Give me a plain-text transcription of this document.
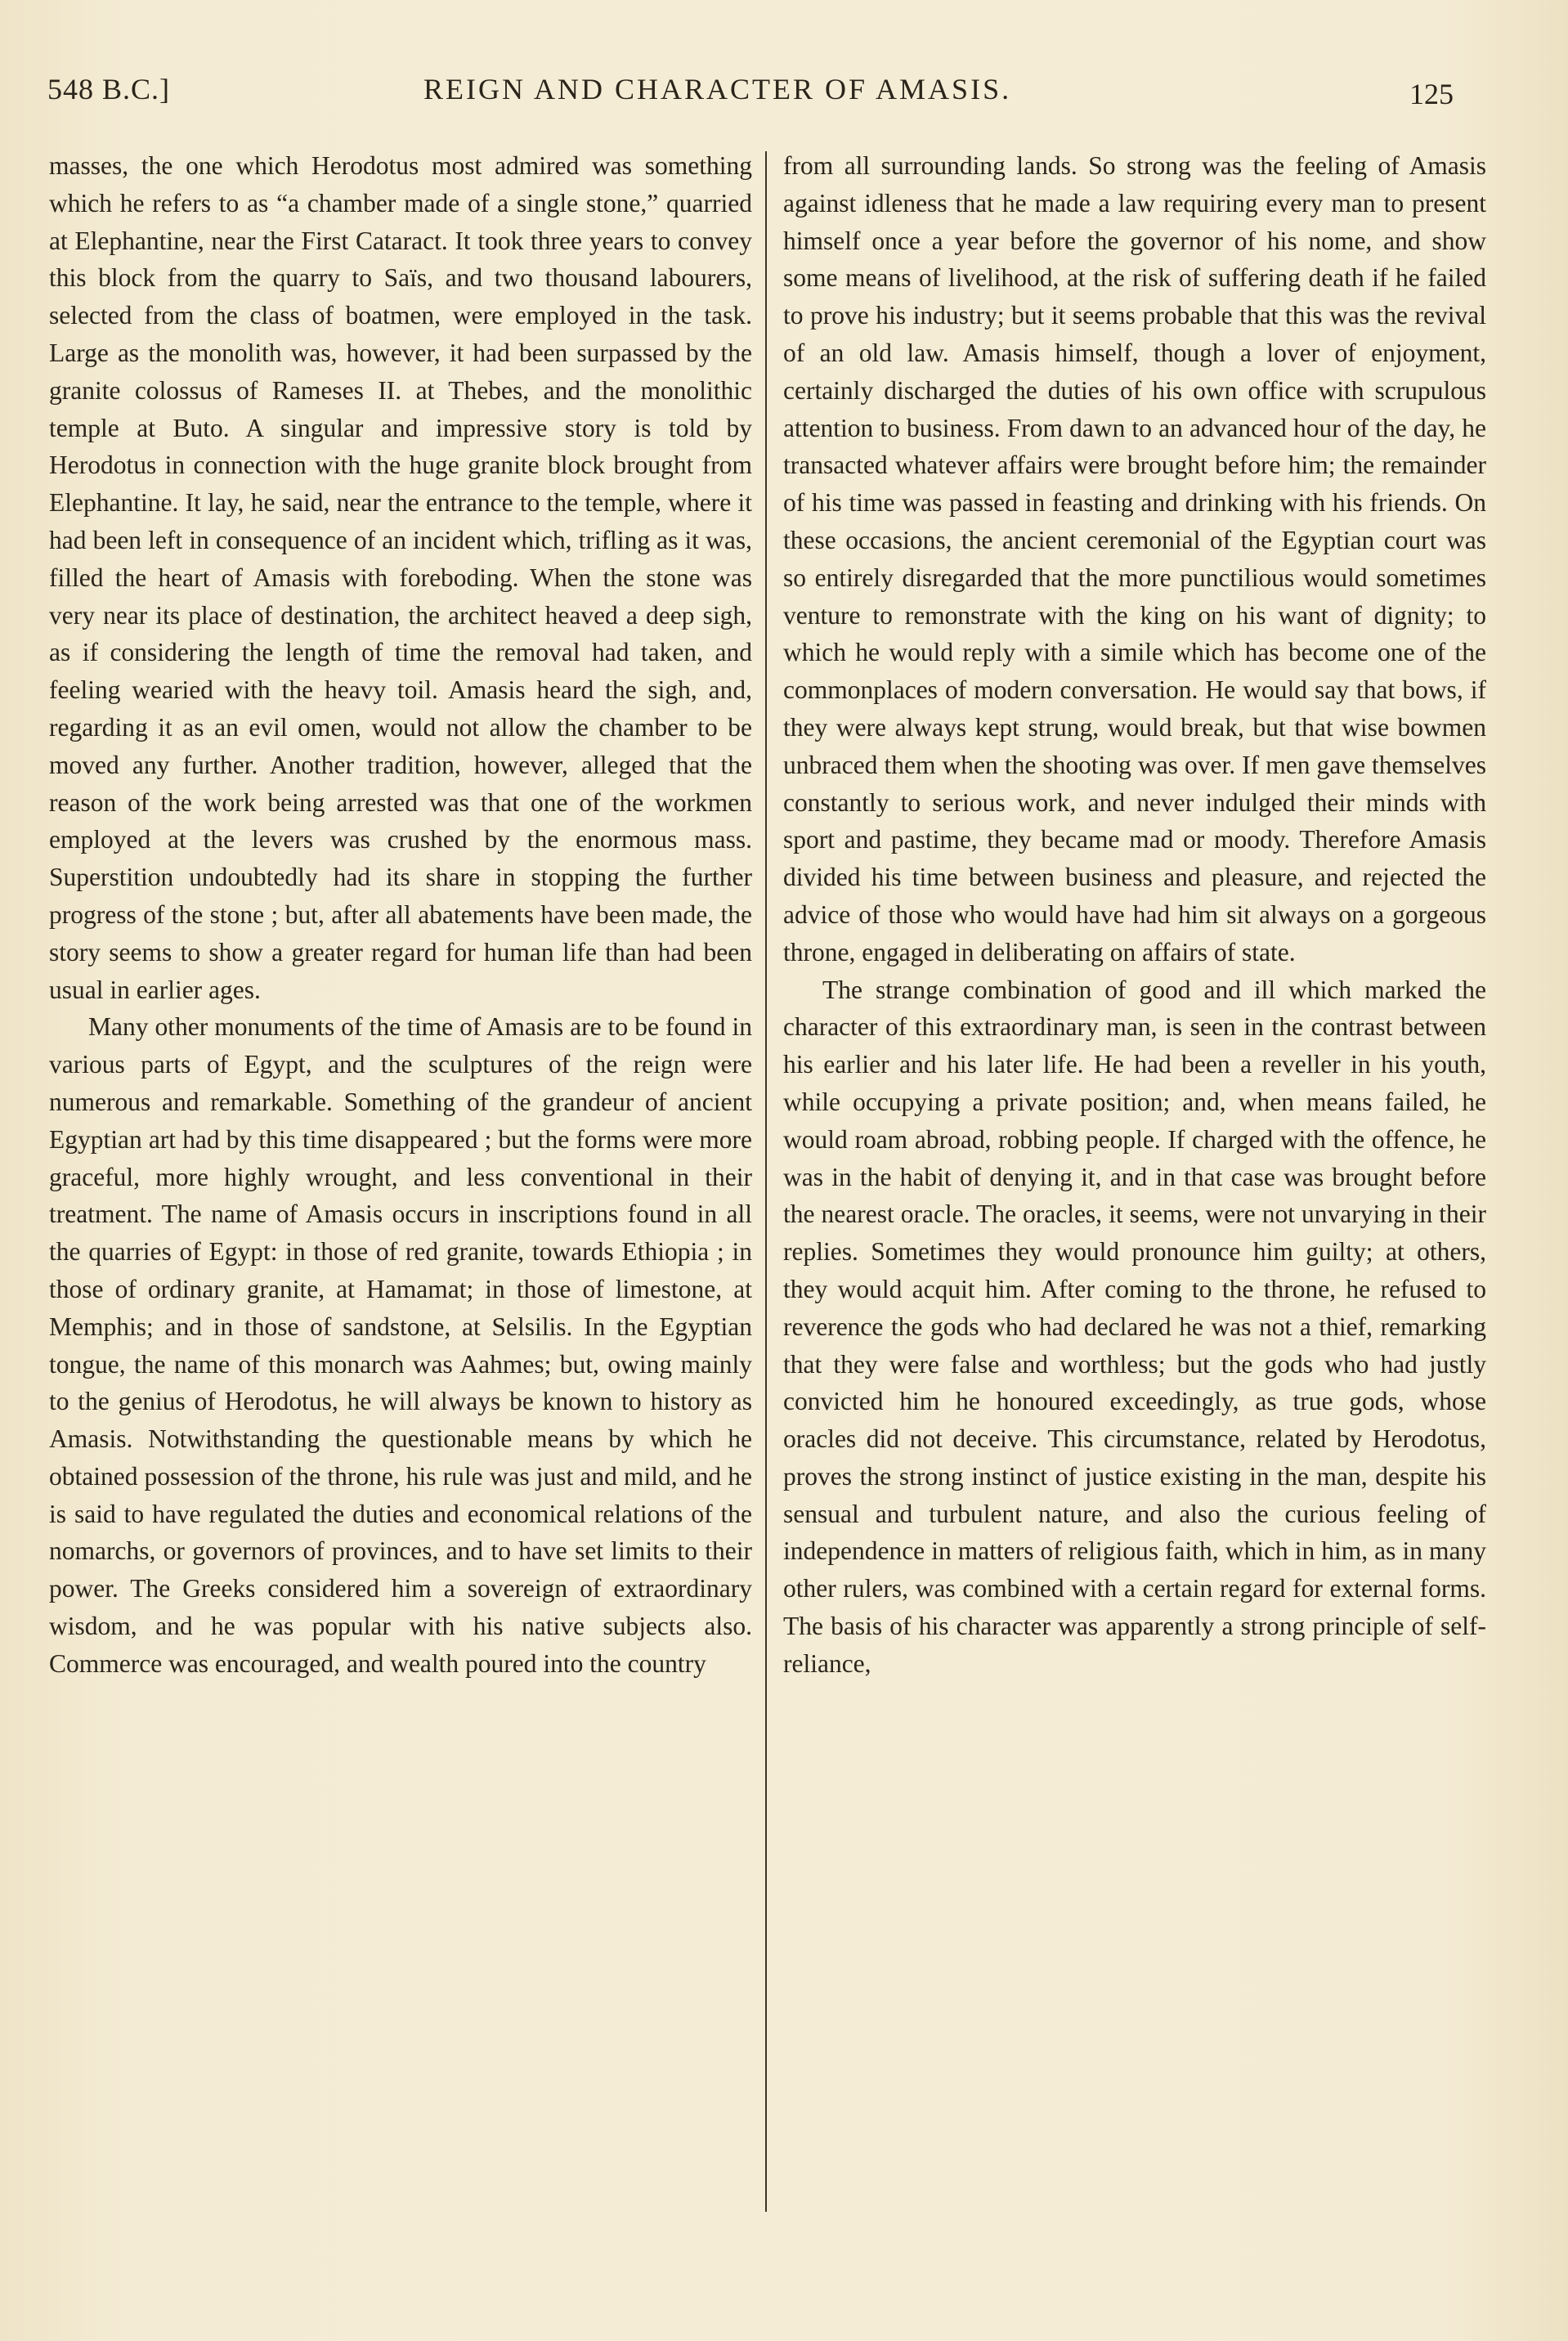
548 B.C.]	REIGN AND CHARACTER OF AMASIS.	125

masses, the one which Herodotus most admired was something which he refers to as “a chamber made of a single stone,” quarried at Elephantine, near the First Cataract. It took three years to convey this block from the quarry to Saïs, and two thousand labourers, selected from the class of boatmen, were employed in the task. Large as the monolith was, however, it had been surpassed by the granite colossus of Rameses II. at Thebes, and the monolithic temple at Buto. A singular and impressive story is told by Herodotus in connection with the huge granite block brought from Elephantine. It lay, he said, near the entrance to the temple, where it had been left in consequence of an incident which, trifling as it was, filled the heart of Amasis with foreboding. When the stone was very near its place of destination, the architect heaved a deep sigh, as if considering the length of time the removal had taken, and feeling wearied with the heavy toil. Amasis heard the sigh, and, regarding it as an evil omen, would not allow the chamber to be moved any further. Another tradition, however, alleged that the reason of the work being arrested was that one of the workmen employed at the levers was crushed by the enormous mass. Superstition undoubtedly had its share in stopping the further progress of the stone ; but, after all abatements have been made, the story seems to show a greater regard for human life than had been usual in earlier ages.

Many other monuments of the time of Amasis are to be found in various parts of Egypt, and the sculptures of the reign were numerous and remarkable. Something of the grandeur of ancient Egyptian art had by this time disappeared ; but the forms were more graceful, more highly wrought, and less conventional in their treatment. The name of Amasis occurs in inscriptions found in all the quarries of Egypt: in those of red granite, towards Ethiopia ; in those of ordinary granite, at Hamamat; in those of limestone, at Memphis; and in those of sandstone, at Selsilis. In the Egyptian tongue, the name of this monarch was Aahmes; but, owing mainly to the genius of Herodotus, he will always be known to history as Amasis. Notwithstanding the questionable means by which he obtained possession of the throne, his rule was just and mild, and he is said to have regulated the duties and economical relations of the nomarchs, or governors of provinces, and to have set limits to their power. The Greeks considered him a sovereign of extraordinary wisdom, and he was popular with his native subjects also. Commerce was encouraged, and wealth poured into the country

from all surrounding lands. So strong was the feeling of Amasis against idleness that he made a law requiring every man to present himself once a year before the governor of his nome, and show some means of livelihood, at the risk of suffering death if he failed to prove his industry; but it seems probable that this was the revival of an old law. Amasis himself, though a lover of enjoyment, certainly discharged the duties of his own office with scrupulous attention to business. From dawn to an advanced hour of the day, he transacted whatever affairs were brought before him; the remainder of his time was passed in feasting and drinking with his friends. On these occasions, the ancient ceremonial of the Egyptian court was so entirely disregarded that the more punctilious would sometimes venture to remonstrate with the king on his want of dignity; to which he would reply with a simile which has become one of the commonplaces of modern conversation. He would say that bows, if they were always kept strung, would break, but that wise bowmen unbraced them when the shooting was over. If men gave themselves constantly to serious work, and never indulged their minds with sport and pastime, they became mad or moody. Therefore Amasis divided his time between business and pleasure, and rejected the advice of those who would have had him sit always on a gorgeous throne, engaged in deliberating on affairs of state.

The strange combination of good and ill which marked the character of this extraordinary man, is seen in the contrast between his earlier and his later life. He had been a reveller in his youth, while occupying a private position; and, when means failed, he would roam abroad, robbing people. If charged with the offence, he was in the habit of denying it, and in that case was brought before the nearest oracle. The oracles, it seems, were not unvarying in their replies. Sometimes they would pronounce him guilty; at others, they would acquit him. After coming to the throne, he refused to reverence the gods who had declared he was not a thief, remarking that they were false and worthless; but the gods who had justly convicted him he honoured exceedingly, as true gods, whose oracles did not deceive. This circumstance, related by Herodotus, proves the strong instinct of justice existing in the man, despite his sensual and turbulent nature, and also the curious feeling of independence in matters of religious faith, which in him, as in many other rulers, was combined with a certain regard for external forms. The basis of his character was apparently a strong principle of self-reliance,
